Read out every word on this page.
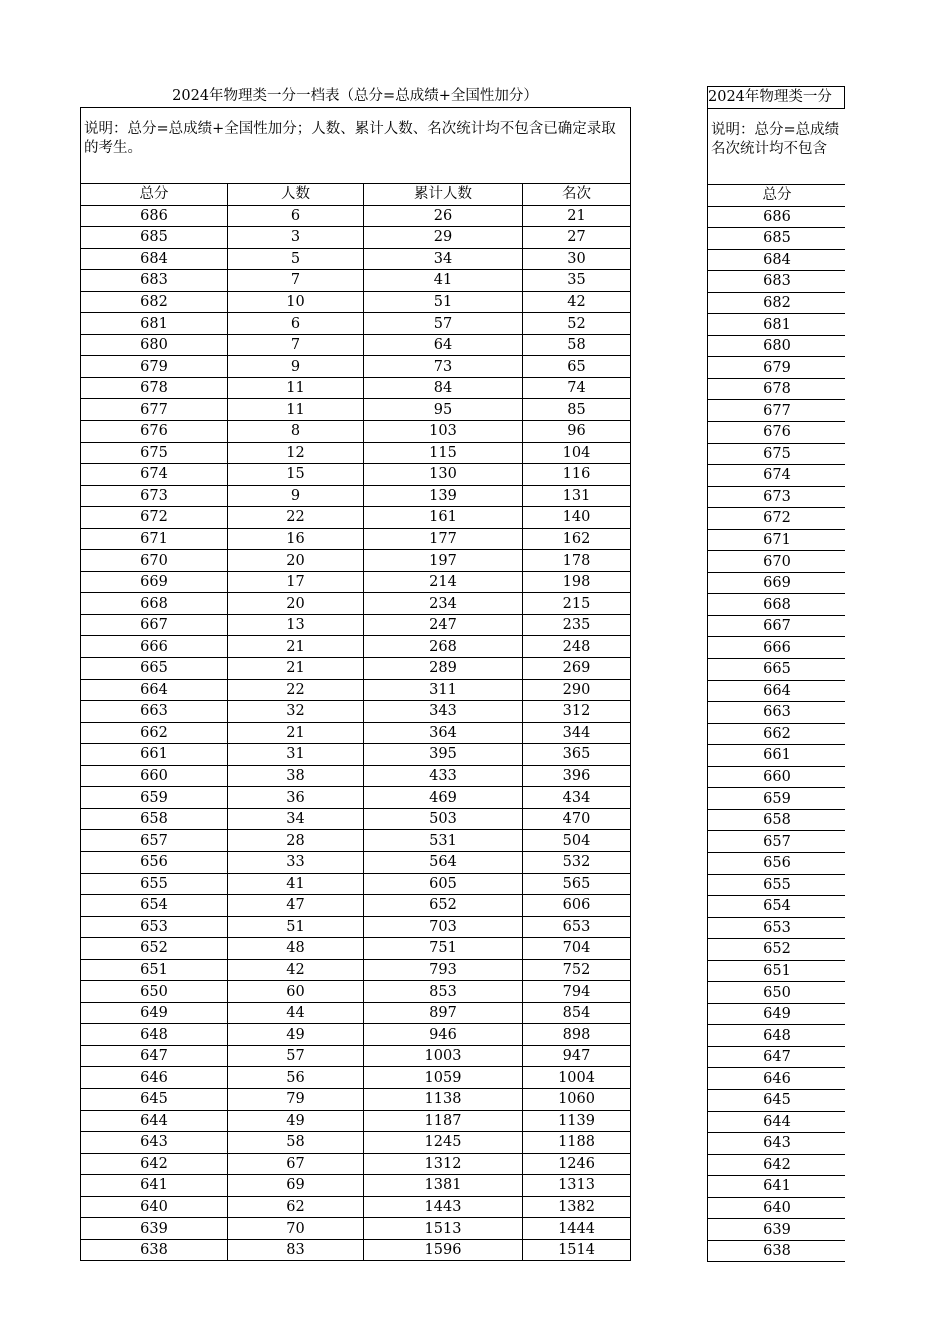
2024年物理类一分一档表（总分=总成绩+全国性加分）
说明：总分=总成绩+全国性加分；人数、累计人数、名次统计均不包含已确定录取的考生。			
总分	人数	累计人数	名次
686	6	26	21
685	3	29	27
684	5	34	30
683	7	41	35
682	10	51	42
681	6	57	52
680	7	64	58
679	9	73	65
678	11	84	74
677	11	95	85
676	8	103	96
675	12	115	104
674	15	130	116
673	9	139	131
672	22	161	140
671	16	177	162
670	20	197	178
669	17	214	198
668	20	234	215
667	13	247	235
666	21	268	248
665	21	289	269
664	22	311	290
663	32	343	312
662	21	364	344
661	31	395	365
660	38	433	396
659	36	469	434
658	34	503	470
657	28	531	504
656	33	564	532
655	41	605	565
654	47	652	606
653	51	703	653
652	48	751	704
651	42	793	752
650	60	853	794
649	44	897	854
648	49	946	898
647	57	1003	947
646	56	1059	1004
645	79	1138	1060
644	49	1187	1139
643	58	1245	1188
642	67	1312	1246
641	69	1381	1313
640	62	1443	1382
639	70	1513	1444
638	83	1596	1514
2024年物理类一分
说明：总分=总成绩
名次统计均不包含

总分
686
685
684
683
682
681
680
679
678
677
676
675
674
673
672
671
670
669
668
667
666
665
664
663
662
661
660
659
658
657
656
655
654
653
652
651
650
649
648
647
646
645
644
643
642
641
640
639
638
